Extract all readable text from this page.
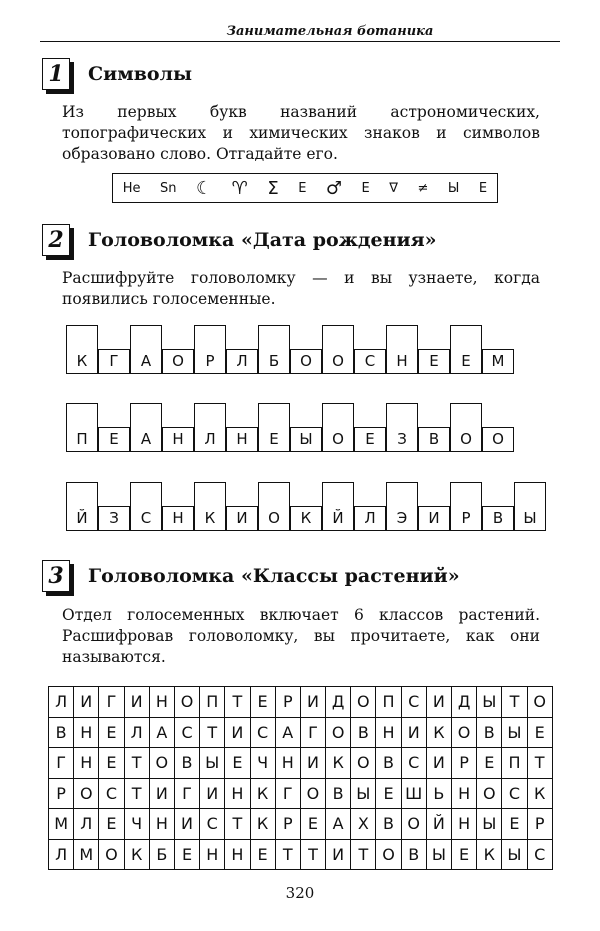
Занимательная ботаника
1	Символы
Из первых букв названий астрономических, топографических и химических знаков и символов образовано слово. Отгадайте его.
He Sn ☾ ♈ Σ Е ♂ Е ∇ ≠ Ы Е
2	Головоломка «Дата рождения»
Расшифруйте головоломку — и вы узнаете, когда появились голосеменные.
К	Г	А	О	Р	Л	Б	О	О	С	Н	Е	Е	М
П	Е	А	Н	Л	Н	Е	Ы	О	Е	З	В	О	О
Й	З	С	Н	К	И	О	К	Й	Л	Э	И	Р	В	Ы
3	Головоломка «Классы растений»
Отдел голосеменных включает 6 классов растений. Расшифровав головоломку, вы прочитаете, как они называются.
Л И Г И Н О П Т Е Р И Д О П С И Д Ы Т О
В Н Е Л А С Т И С А Г О В Н И К О В Ы Е
Г Н Е Т О В Ы Е Ч Н И К О В С И Р Е П Т
Р О С Т И Г И Н К Г О В Ы Е Ш Ь Н О С К
М Л Е Ч Н И С Т К Р Е А Х В О Й Н Ы Е Р
Л М О К Б Е Н Н Е Т Т И Т О В Ы Е К Ы С
320
